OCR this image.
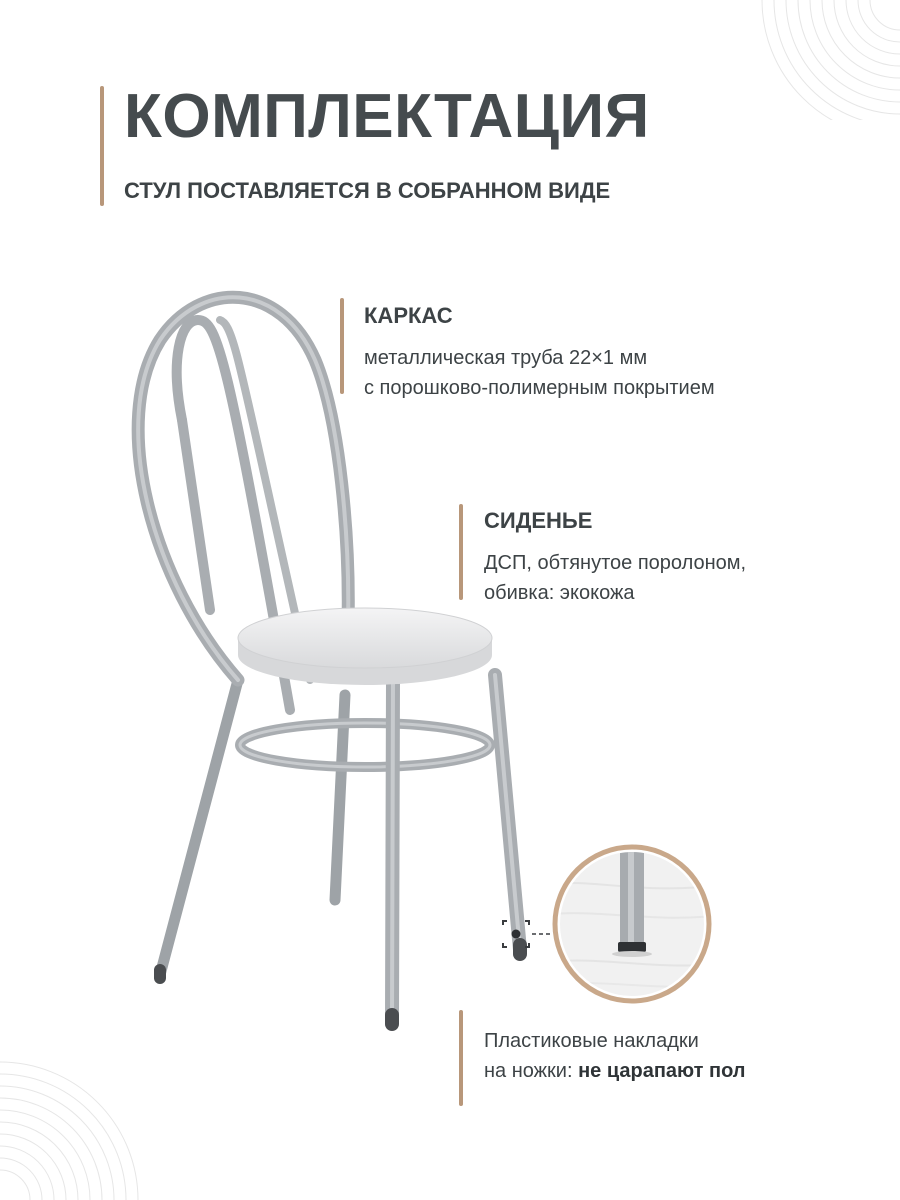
КОМПЛЕКТАЦИЯ

СТУЛ ПОСТАВЛЯЕТСЯ В СОБРАННОМ ВИДЕ

КАРКАС

металлическая труба 22×1 мм

с порошково-полимерным покрытием

СИДЕНЬЕ

ДСП, обтянутое поролоном,

обивка: экокожа

Пластиковые накладки

на ножки: не царапают пол
